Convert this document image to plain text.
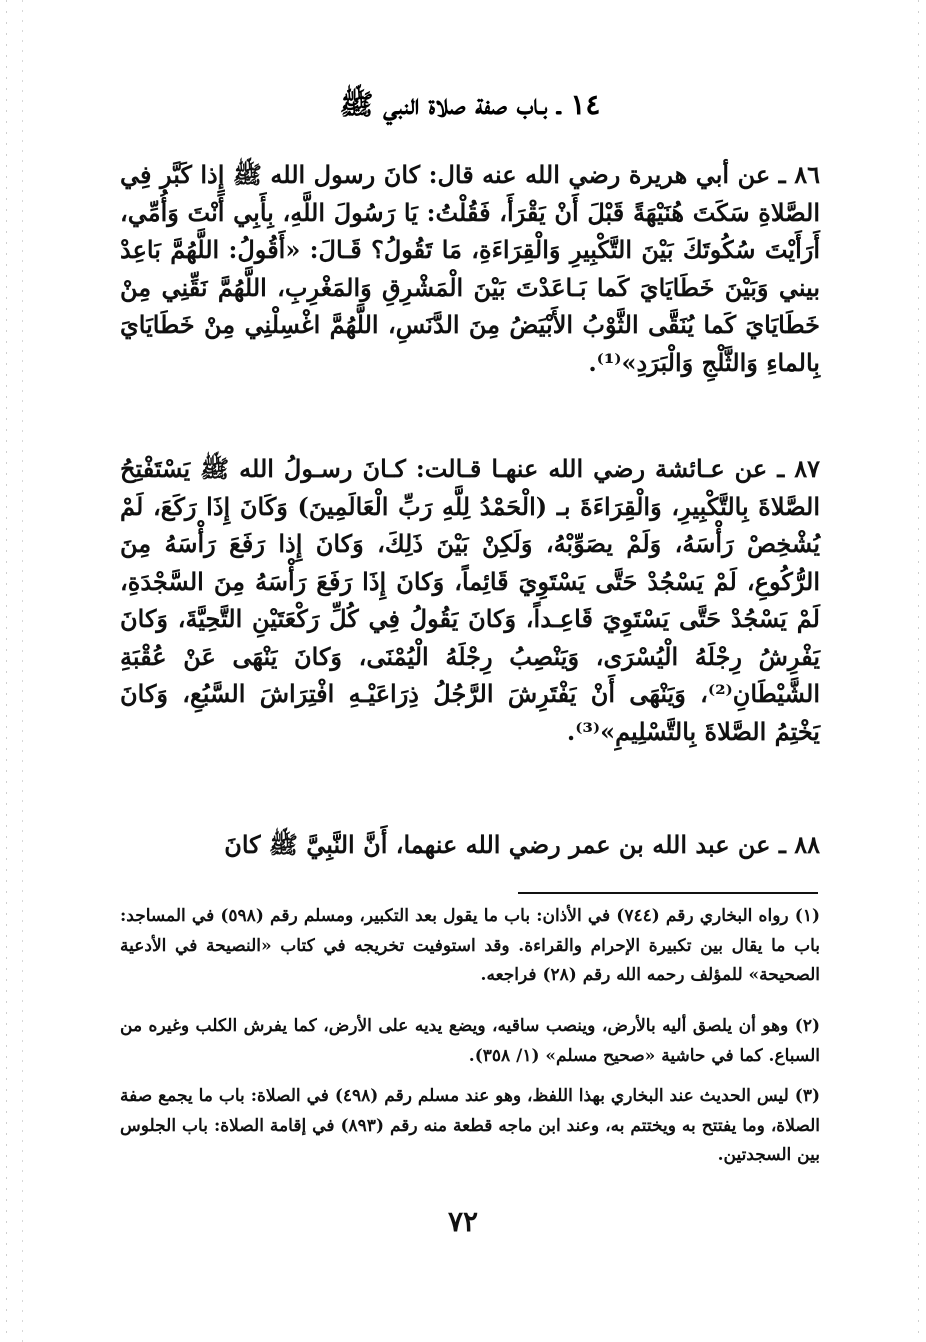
١٤ ـ بـاب صفة صلاة النبي ﷺ
٨٦ ـ عن أبي هريرة رضي الله عنه قال: كانَ رسول الله ﷺ إِذا كَبَّر فِي الصَّلاةِ سَكَتَ هُنَيْهَةً قَبْلَ أَنْ يَقْرَأَ، فَقُلْتُ: يَا رَسُولَ اللَّهِ، بِأَبِي أَنْتَ وَأُمِّي، أَرَأَيْتَ سُكُوتَكَ بَيْنَ التَّكْبِيرِ وَالْقِرَاءَةِ، مَا تَقُولُ؟ قَـالَ: «أَقُولُ: اللَّهُمَّ بَاعِدْ بيني وَبَيْنَ خَطَايَايَ كَما بَـاعَدْتَ بَيْنَ الْمَشْرِقِ وَالمَغْرِبِ، اللَّهُمَّ نَقِّنِي مِنْ خَطَايَايَ كَما يُنَقَّى الثَّوْبُ الأَبْيَضُ مِنَ الدَّنَسِ، اللَّهُمَّ اغْسِلْنِي مِنْ خَطَايَايَ بِالماءِ وَالثَّلْجِ وَالْبَرَدِ»⁽¹⁾.
٨٧ ـ عن عـائشة رضي الله عنهـا قـالت: كـانَ رسـولُ الله ﷺ يَسْتَفْتِحُ الصَّلاةَ بِالتَّكْبِيرِ، وَالْقِرَاءَةَ بـ (الْحَمْدُ لِلَّهِ رَبِّ الْعَالَمِينَ) وَكَانَ إِذَا رَكَعَ، لَمْ يُشْخِصْ رَأْسَهُ، وَلَمْ يصَوِّبْهُ، وَلَكِنْ بَيْنَ ذَلِكَ، وَكانَ إِذا رَفَعَ رَأْسَهُ مِنَ الرُّكُوعِ، لَمْ يَسْجُدْ حَتَّى يَسْتَوِيَ قَائِماً، وَكانَ إِذَا رَفَعَ رَأْسَهُ مِنَ السَّجْدَةِ، لَمْ يَسْجُدْ حَتَّى يَسْتَوِيَ قَاعِـداً، وَكانَ يَقُولُ فِي كُلِّ رَكْعَتَيْنِ التَّحِيَّةَ، وَكانَ يَفْرِشُ رِجْلَهُ الْيُسْرَى، وَيَنْصِبُ رِجْلَهُ الْيُمْنَى، وَكانَ يَنْهَى عَنْ عُقْبَةِ الشَّيْطَانِ⁽²⁾، وَيَنْهَى أَنْ يَفْتَرِشَ الرَّجُلُ ذِرَاعَيْـهِ افْتِرَاشَ السَّبُعِ، وَكانَ يَخْتِمُ الصَّلاةَ بِالتَّسْلِيمِ»⁽³⁾.
٨٨ ـ عن عبد الله بن عمر رضي الله عنهما، أَنَّ النَّبِيَّ ﷺ كانَ
(١) رواه البخاري رقم (٧٤٤) في الأذان: باب ما يقول بعد التكبير، ومسلم رقم (٥٩٨) في المساجد: باب ما يقال بين تكبيرة الإحرام والقراءة. وقد استوفيت تخريجه في كتاب «النصيحة في الأدعية الصحيحة» للمؤلف رحمه الله رقم (٢٨) فراجعه.
(٢) وهو أن يلصق أليه بالأرض، وينصب ساقيه، ويضع يديه على الأرض، كما يفرش الكلب وغيره من السباع. كما في حاشية «صحيح مسلم» (١/ ٣٥٨).
(٣) ليس الحديث عند البخاري بهذا اللفظ، وهو عند مسلم رقم (٤٩٨) في الصلاة: باب ما يجمع صفة الصلاة، وما يفتتح به ويختتم به، وعند ابن ماجه قطعة منه رقم (٨٩٣) في إقامة الصلاة: باب الجلوس بين السجدتين.
٧٢
